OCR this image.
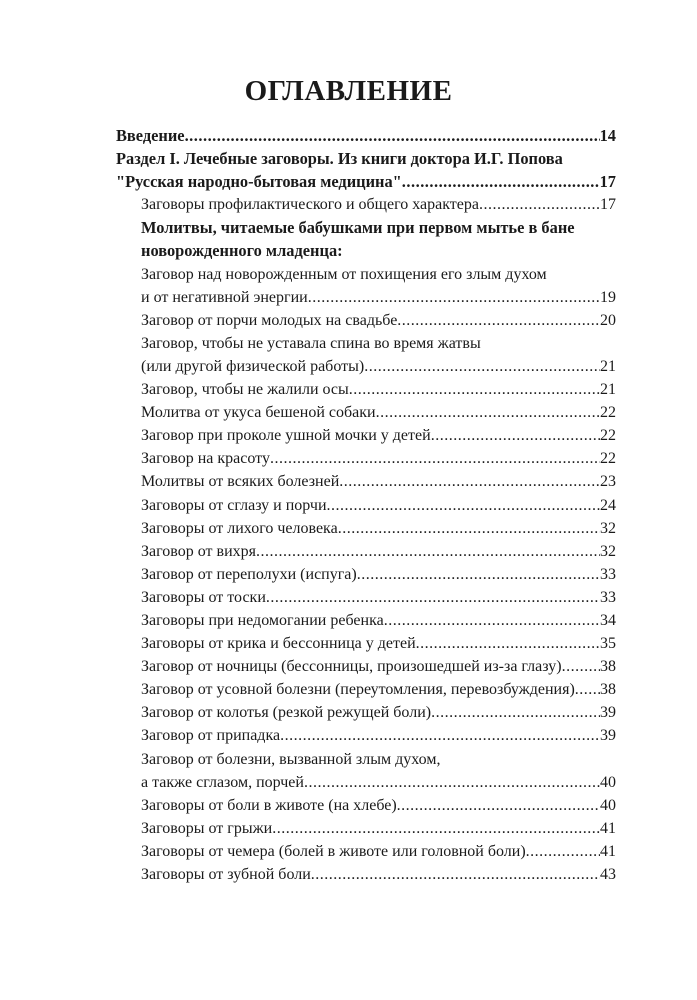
ОГЛАВЛЕНИЕ
Введение .....	14
Раздел I. Лечебные заговоры. Из книги доктора И.Г. Попова
"Русская народно-бытовая медицина" .....	17
Заговоры профилактического и общего характера .....	17
Молитвы, читаемые бабушками при первом мытье в бане
новорожденного младенца:
Заговор над новорожденным от похищения его злым духом
и от негативной энергии .....	19
Заговор от порчи молодых на свадьбе .....	20
Заговор, чтобы не уставала спина во время жатвы
(или другой физической работы) .....	21
Заговор, чтобы не жалили осы .....	21
Молитва от укуса бешеной собаки .....	22
Заговор при проколе ушной мочки у детей .....	22
Заговор на красоту .....	22
Молитвы от всяких болезней .....	23
Заговоры от сглазу и порчи .....	24
Заговоры от лихого человека .....	32
Заговор от вихря .....	32
Заговор от переполухи (испуга) .....	33
Заговоры от тоски .....	33
Заговоры при недомогании ребенка .....	34
Заговоры от крика и бессонница у детей .....	35
Заговор от ночницы (бессонницы, произошедшей из-за глазу) ..... 38
Заговор от усовной болезни (переутомления, перевозбуждения) ..... 38
Заговор от колотья (резкой режущей боли) .....	39
Заговор от припадка .....	39
Заговор от болезни, вызванной злым духом,
а также сглазом, порчей .....	40
Заговоры от боли в животе (на хлебе) .....	40
Заговоры от грыжи .....	41
Заговоры от чемера (болей в животе или головной боли) .....	41
Заговоры от зубной боли .....	43
